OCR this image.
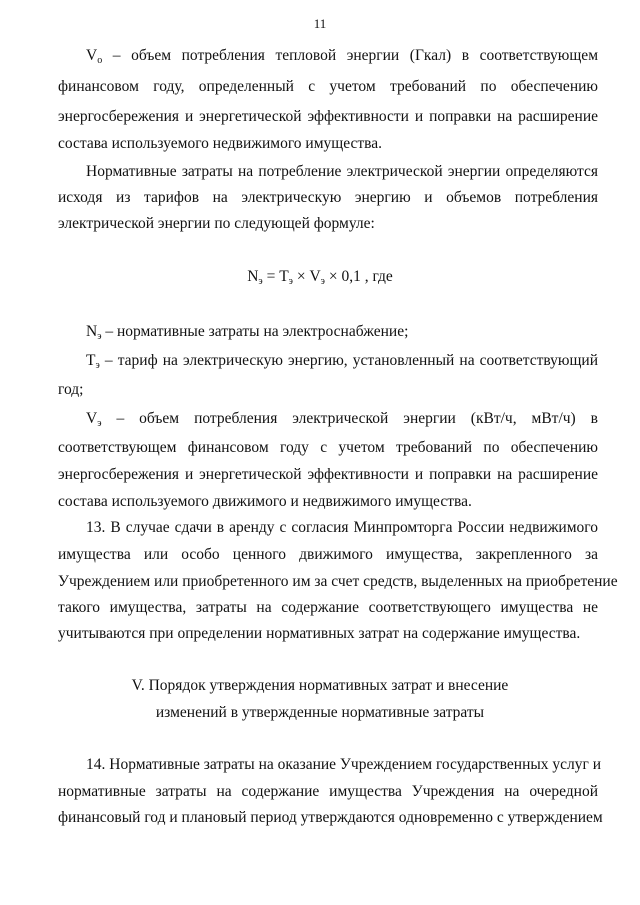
11
$V_о$ – объем потребления тепловой энергии (Гкал) в соответствующем
финансовом году, определенный с учетом требований по обеспечению
энергосбережения и энергетической эффективности и поправки на расширение
состава используемого недвижимого имущества.
Нормативные затраты на потребление электрической энергии определяются
исходя из тарифов на электрическую энергию и объемов потребления
электрической энергии по следующей формуле:
$N_э = T_э \times V_э \times 0,1$ , где
$N_э$ – нормативные затраты на электроснабжение;
$T_э$ – тариф на электрическую энергию, установленный на соответствующий
год;
$V_э$ – объем потребления электрической энергии (кВт/ч, мВт/ч) в
соответствующем финансовом году с учетом требований по обеспечению
энергосбережения и энергетической эффективности и поправки на расширение
состава используемого движимого и недвижимого имущества.
13. В случае сдачи в аренду с согласия Минпромторга России недвижимого
имущества или особо ценного движимого имущества, закрепленного за
Учреждением или приобретенного им за счет средств, выделенных на приобретение
такого имущества, затраты на содержание соответствующего имущества не
учитываются при определении нормативных затрат на содержание имущества.
V. Порядок утверждения нормативных затрат и внесение
изменений в утвержденные нормативные затраты
14. Нормативные затраты на оказание Учреждением государственных услуг и
нормативные затраты на содержание имущества Учреждения на очередной
финансовый год и плановый период утверждаются одновременно с утверждением
